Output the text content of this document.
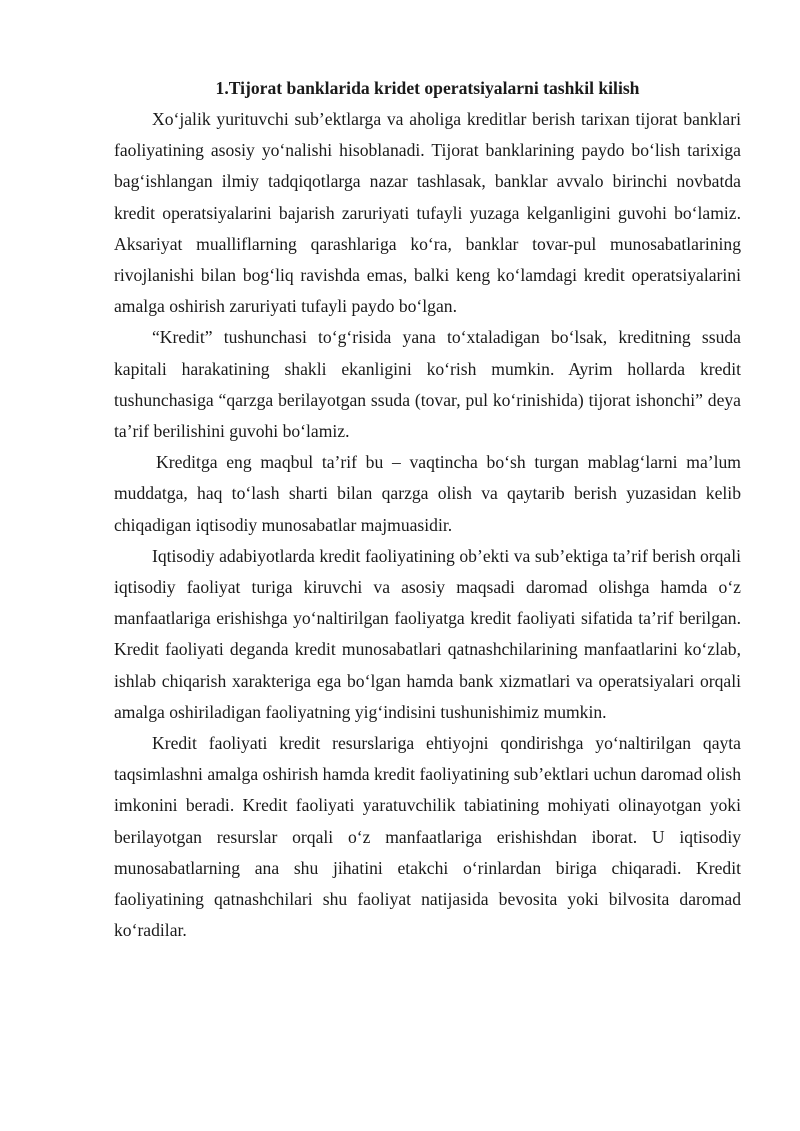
1.Tijorat banklarida kridet operatsiyalarni tashkil kilish

Xo‘jalik yurituvchi sub’ektlarga va aholiga kreditlar berish tarixan tijorat banklari faoliyatining asosiy yo‘nalishi hisoblanadi. Tijorat banklarining paydo bo‘lish tarixiga bag‘ishlangan ilmiy tadqiqotlarga nazar tashlasak, banklar avvalo birinchi novbatda kredit operatsiyalarini bajarish zaruriyati tufayli yuzaga kelganligini guvohi bo‘lamiz. Aksariyat mualliflarning qarashlariga ko‘ra, banklar tovar-pul munosabatlarining rivojlanishi bilan bog‘liq ravishda emas, balki keng ko‘lamdagi kredit operatsiyalarini amalga oshirish zaruriyati tufayli paydo bo‘lgan.

“Kredit” tushunchasi to‘g‘risida yana to‘xtaladigan bo‘lsak, kreditning ssuda kapitali harakatining shakli ekanligini ko‘rish mumkin. Ayrim hollarda kredit tushunchasiga “qarzga berilayotgan ssuda (tovar, pul ko‘rinishida) tijorat ishonchi” deya ta’rif berilishini guvohi bo‘lamiz.

Kreditga eng maqbul ta’rif bu – vaqtincha bo‘sh turgan mablag‘larni ma’lum muddatga, haq to‘lash sharti bilan qarzga olish va qaytarib berish yuzasidan kelib chiqadigan iqtisodiy munosabatlar majmuasidir.

Iqtisodiy adabiyotlarda kredit faoliyatining ob’ekti va sub’ektiga ta’rif berish orqali iqtisodiy faoliyat turiga kiruvchi va asosiy maqsadi daromad olishga hamda o‘z manfaatlariga erishishga yo‘naltirilgan faoliyatga kredit faoliyati sifatida ta’rif berilgan. Kredit faoliyati deganda kredit munosabatlari qatnashchilarining manfaatlarini ko‘zlab, ishlab chiqarish xarakteriga ega bo‘lgan hamda bank xizmatlari va operatsiyalari orqali amalga oshiriladigan faoliyatning yig‘indisini tushunishimiz mumkin.

Kredit faoliyati kredit resurslariga ehtiyojni qondirishga yo‘naltirilgan qayta taqsimlashni amalga oshirish hamda kredit faoliyatining sub’ektlari uchun daromad olish imkonini beradi. Kredit faoliyati yaratuvchilik tabiatining mohiyati olinayotgan yoki berilayotgan resurslar orqali o‘z manfaatlariga erishishdan iborat. U iqtisodiy munosabatlarning ana shu jihatini etakchi o‘rinlardan biriga chiqaradi. Kredit faoliyatining qatnashchilari shu faoliyat natijasida bevosita yoki bilvosita daromad ko‘radilar.
